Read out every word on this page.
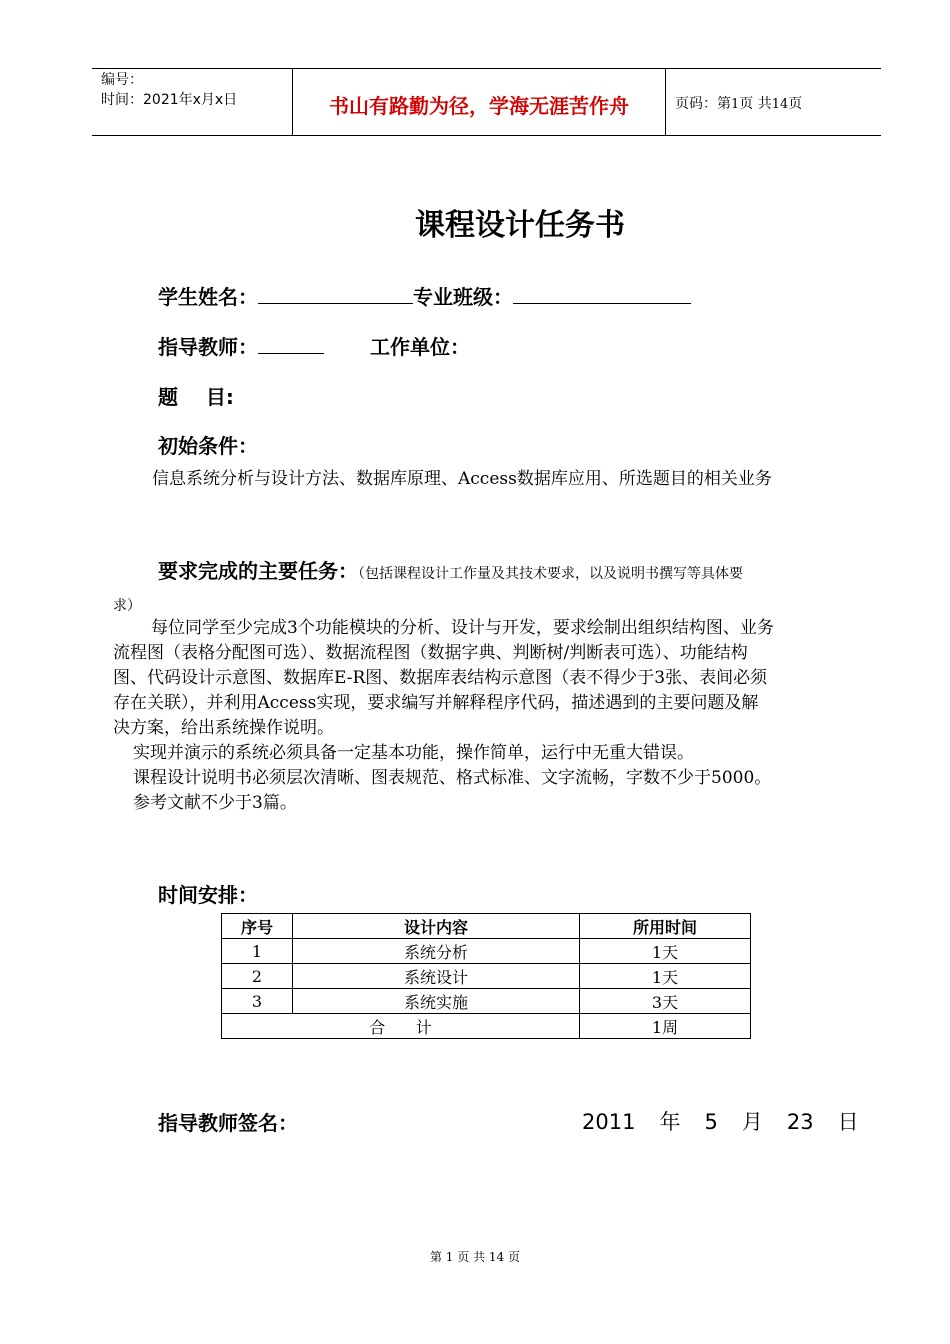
编号：
时间：2021年x月x日	书山有路勤为径，学海无涯苦作舟	页码：第1页 共14页
课程设计任务书
学生姓名：	专业班级：
指导教师：	工作单位：
题    目:
初始条件：
信息系统分析与设计方法、数据库原理、Access数据库应用、所选题目的相关业务
要求完成的主要任务：（包括课程设计工作量及其技术要求，以及说明书撰写等具体要
求）
每位同学至少完成3个功能模块的分析、设计与开发，要求绘制出组织结构图、业务
流程图（表格分配图可选）、数据流程图（数据字典、判断树/判断表可选）、功能结构
图、代码设计示意图、数据库E-R图、数据库表结构示意图（表不得少于3张、表间必须
存在关联），并利用Access实现，要求编写并解释程序代码，描述遇到的主要问题及解
决方案，给出系统操作说明。
实现并演示的系统必须具备一定基本功能，操作简单，运行中无重大错误。
课程设计说明书必须层次清晰、图表规范、格式标准、文字流畅，字数不少于5000。
参考文献不少于3篇。
时间安排：
序号	设计内容	所用时间
1	系统分析	1天
2	系统设计	1天
3	系统实施	3天
合      计		1周
指导教师签名：	2011 年 5 月 23 日
第 1 页 共 14 页
